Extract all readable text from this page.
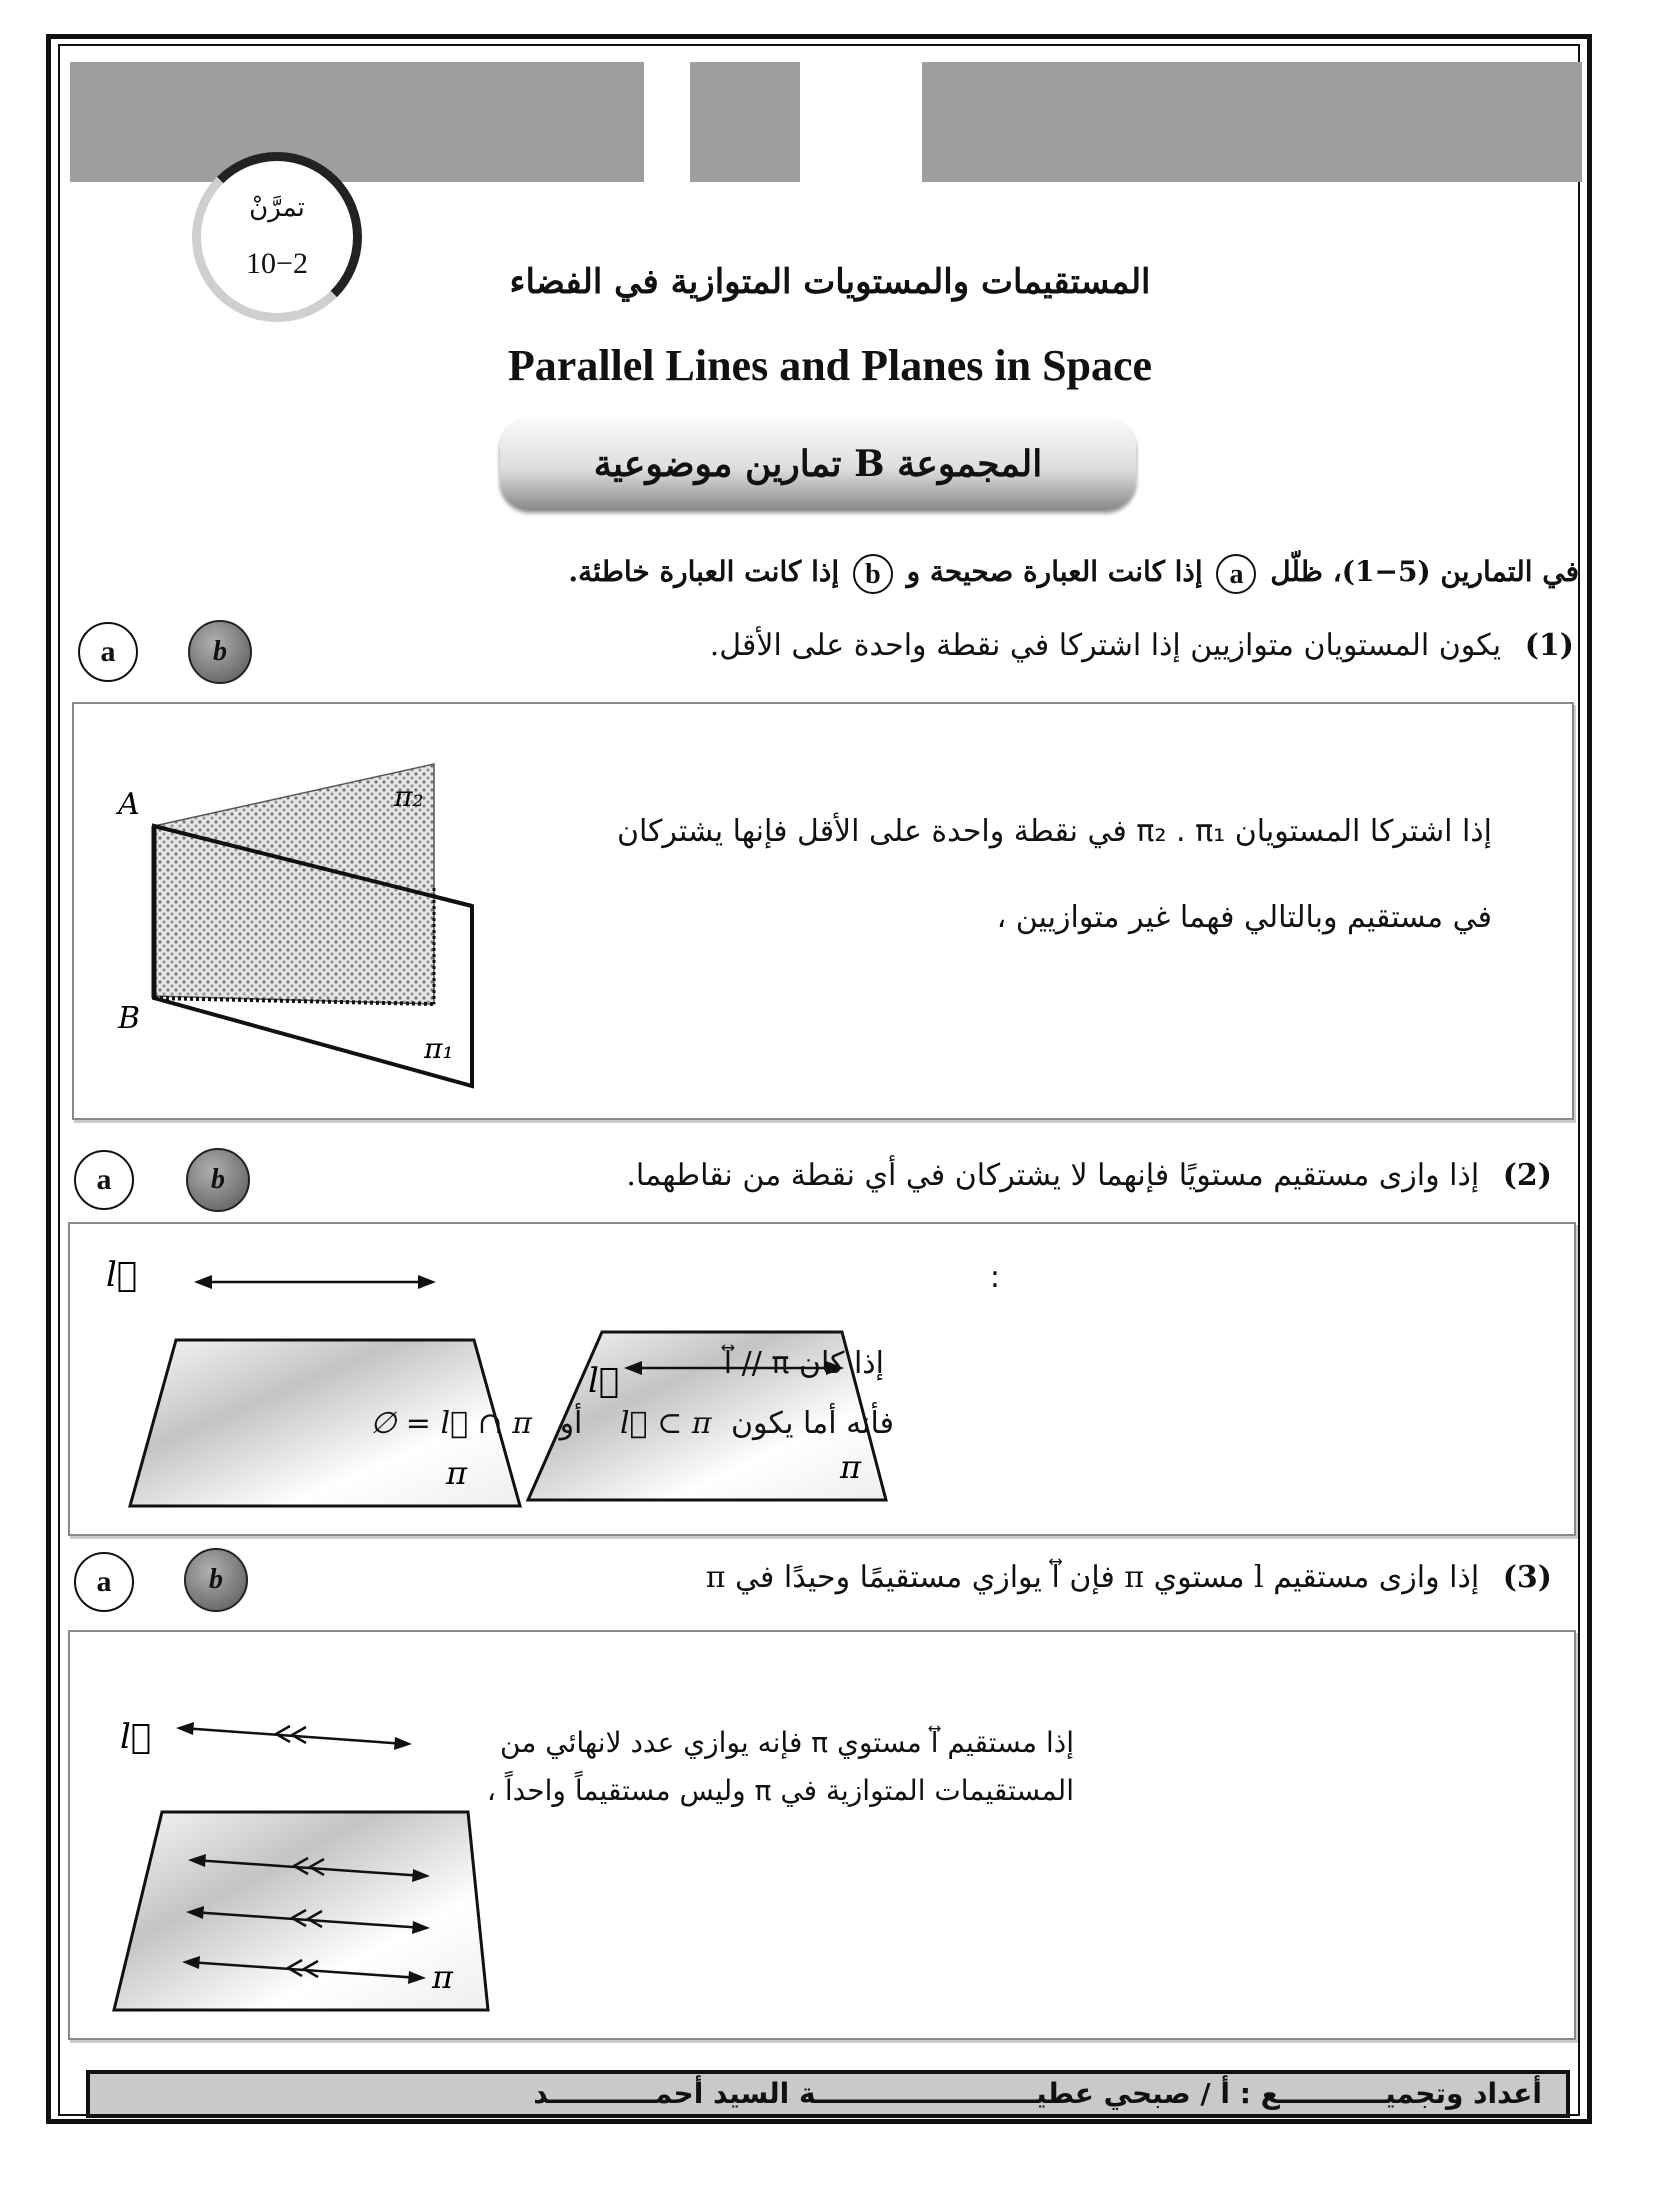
تمرَّنْ
10−2	المستقيمات والمستويات المتوازية في الفضاء
Parallel Lines and Planes in Space
المجموعة B تمارين موضوعية
في التمارين (5−1)، ظلّل a إذا كانت العبارة صحيحة و b إذا كانت العبارة خاطئة.
(1) يكون المستويان متوازيين إذا اشتركا في نقطة واحدة على الأقل.
a	b
A
B
π₂
π₁
إذا اشتركا المستويان π₂ . π₁ في نقطة واحدة على الأقل فإنها يشتركان
في مستقيم وبالتالي فهما غير متوازيين ،
(2) إذا وازى مستقيم مستويًا فإنهما لا يشتركان في أي نقطة من نقاطهما.
a	b
l⃡
π
l⃡
π
:
إذا كان l⃡ // π
فأنه أما يكون l⃡ ⊂ π أو l⃡ ∩ π = ∅
(3) إذا وازى مستقيم l مستوي π فإن l⃡ يوازي مستقيمًا وحيدًا في π
a	b
l⃡
π
إذا مستقيم l⃡ مستوي π فإنه يوازي عدد لانهائي من
المستقيمات المتوازية في π وليس مستقيماً واحداً ،
أعداد وتجميـــــــــــع : أ / صبحي عطيـــــــــــــــــــــــة السيد أحمـــــــــــد
